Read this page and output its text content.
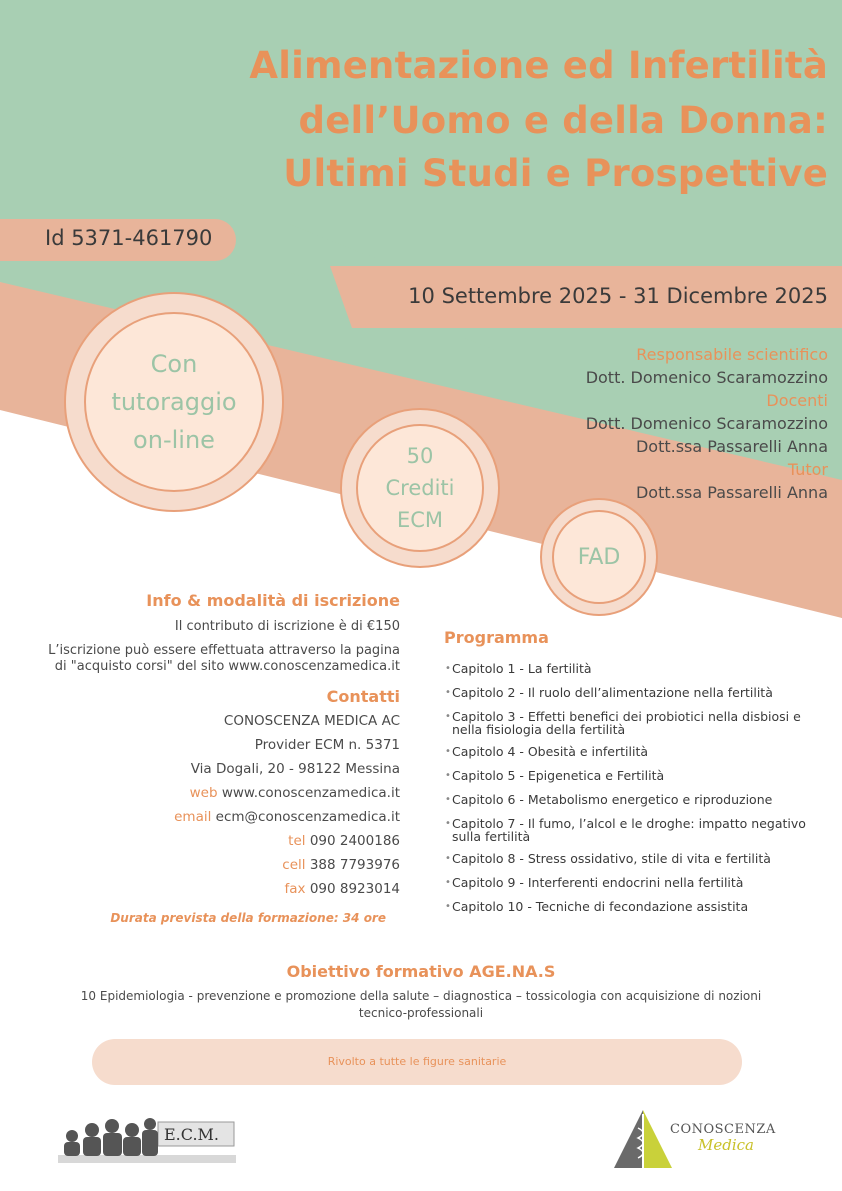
Alimentazione ed Infertilità
dell’Uomo e della Donna:
Ultimi Studi e Prospettive
Id 5371-461790
10 Settembre 2025 - 31 Dicembre 2025
Responsabile scientifico
Dott. Domenico Scaramozzino
Docenti
Dott. Domenico Scaramozzino
Dott.ssa Passarelli Anna
Tutor
Dott.ssa Passarelli Anna
Con
tutoraggio
on-line
50
Crediti
ECM
FAD
Info & modalità di iscrizione
Il contributo di iscrizione è di €150
L’iscrizione può essere effettuata attraverso la pagina
di "acquisto corsi" del sito www.conoscenzamedica.it
Contatti
CONOSCENZA MEDICA AC
Provider ECM n. 5371
Via Dogali, 20 - 98122 Messina
web www.conoscenzamedica.it
email ecm@conoscenzamedica.it
tel 090 2400186
cell 388 7793976
fax 090 8923014
Durata prevista della formazione: 34 ore
Programma
• Capitolo 1 - La fertilità
• Capitolo 2 - Il ruolo dell’alimentazione nella fertilità
• Capitolo 3 - Effetti benefici dei probiotici nella disbiosi e nella fisiologia della fertilità
• Capitolo 4 - Obesità e infertilità
• Capitolo 5 - Epigenetica e Fertilità
• Capitolo 6 - Metabolismo energetico e riproduzione
• Capitolo 7 - Il fumo, l’alcol e le droghe: impatto negativo sulla fertilità
• Capitolo 8 - Stress ossidativo, stile di vita e fertilità
• Capitolo 9 - Interferenti endocrini nella fertilità
• Capitolo 10 - Tecniche di fecondazione assistita
Obiettivo formativo AGE.NA.S
10 Epidemiologia - prevenzione e promozione della salute – diagnostica – tossicologia con acquisizione di nozioni tecnico-professionali
Rivolto a tutte le figure sanitarie
E.C.M.	CONOSCENZA
Medica
